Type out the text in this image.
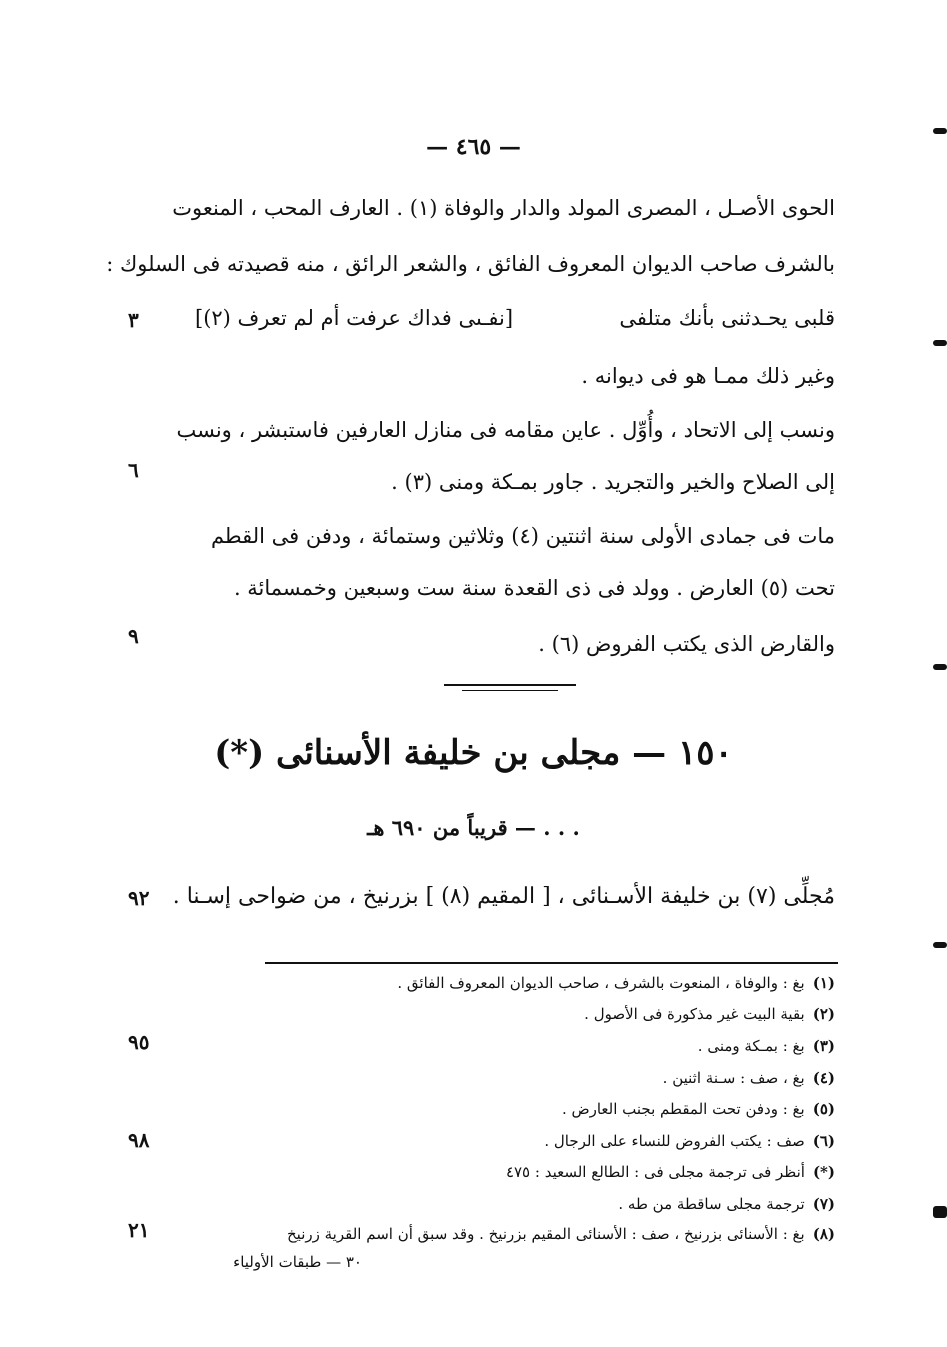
— ٤٦٥ —
الحوى الأصـل ، المصرى المولد والدار والوفاة (١) . العارف المحب ، المنعوت
بالشرف صاحب الديوان المعروف الفائق ، والشعر الرائق ، منه قصيدته فى السلوك :
قلبى يحـدثنى بأنك متلفى
[نفـىى فداك عرفت أم لم تعرف (٢)]
٣
وغير ذلك ممـا هو فى ديوانه .
ونسب إلى الاتحاد ، وأُوِّل . عاين مقامه فى منازل العارفين فاستبشر ، ونسب
إلى الصلاح والخير والتجريد . جاور بمـكة ومنى (٣) .
٦
مات فى جمادى الأولى سنة اثنتين (٤) وثلاثين وستمائة ، ودفن فى القطم
تحت (٥) العارض . وولد فى ذى القعدة سنة ست وسبعين وخمسمائة .
والقارض الذى يكتب الفروض (٦) .
٩
١٥٠ — مجلى بن خليفة الأسنائى (*)
. . . — قريباً من ٦٩٠ هـ
مُجلِّى (٧) بن خليفة الأسـنائى ، [ المقيم (٨) ] بزرنيخ ، من ضواحى إسـنا .
٩٢
(١)بغ : والوفاة ، المنعوت بالشرف ، صاحب الديوان المعروف الفائق .
(٢)بقية البيت غير مذكورة فى الأصول .
٩٥	(٣)بغ : بمـكة ومنى .
(٤)بغ ، صف : سـنة اثنين .
(٥)بغ : ودفن تحت المقطم بجنب العارض .
٩٨	(٦)صف : يكتب الفروض للنساء على الرجال .
(*)أنظر فى ترجمة مجلى فى : الطالع السعيد : ٤٧٥
(٧)ترجمة مجلى ساقطة من طه .
٢١	(٨)بغ : الأسنائى بزرنيخ ، صف : الأسنائى المقيم بزرنيخ . وقد سبق أن اسم القرية زرنيخ
٣٠ — طبقات الأولياء
